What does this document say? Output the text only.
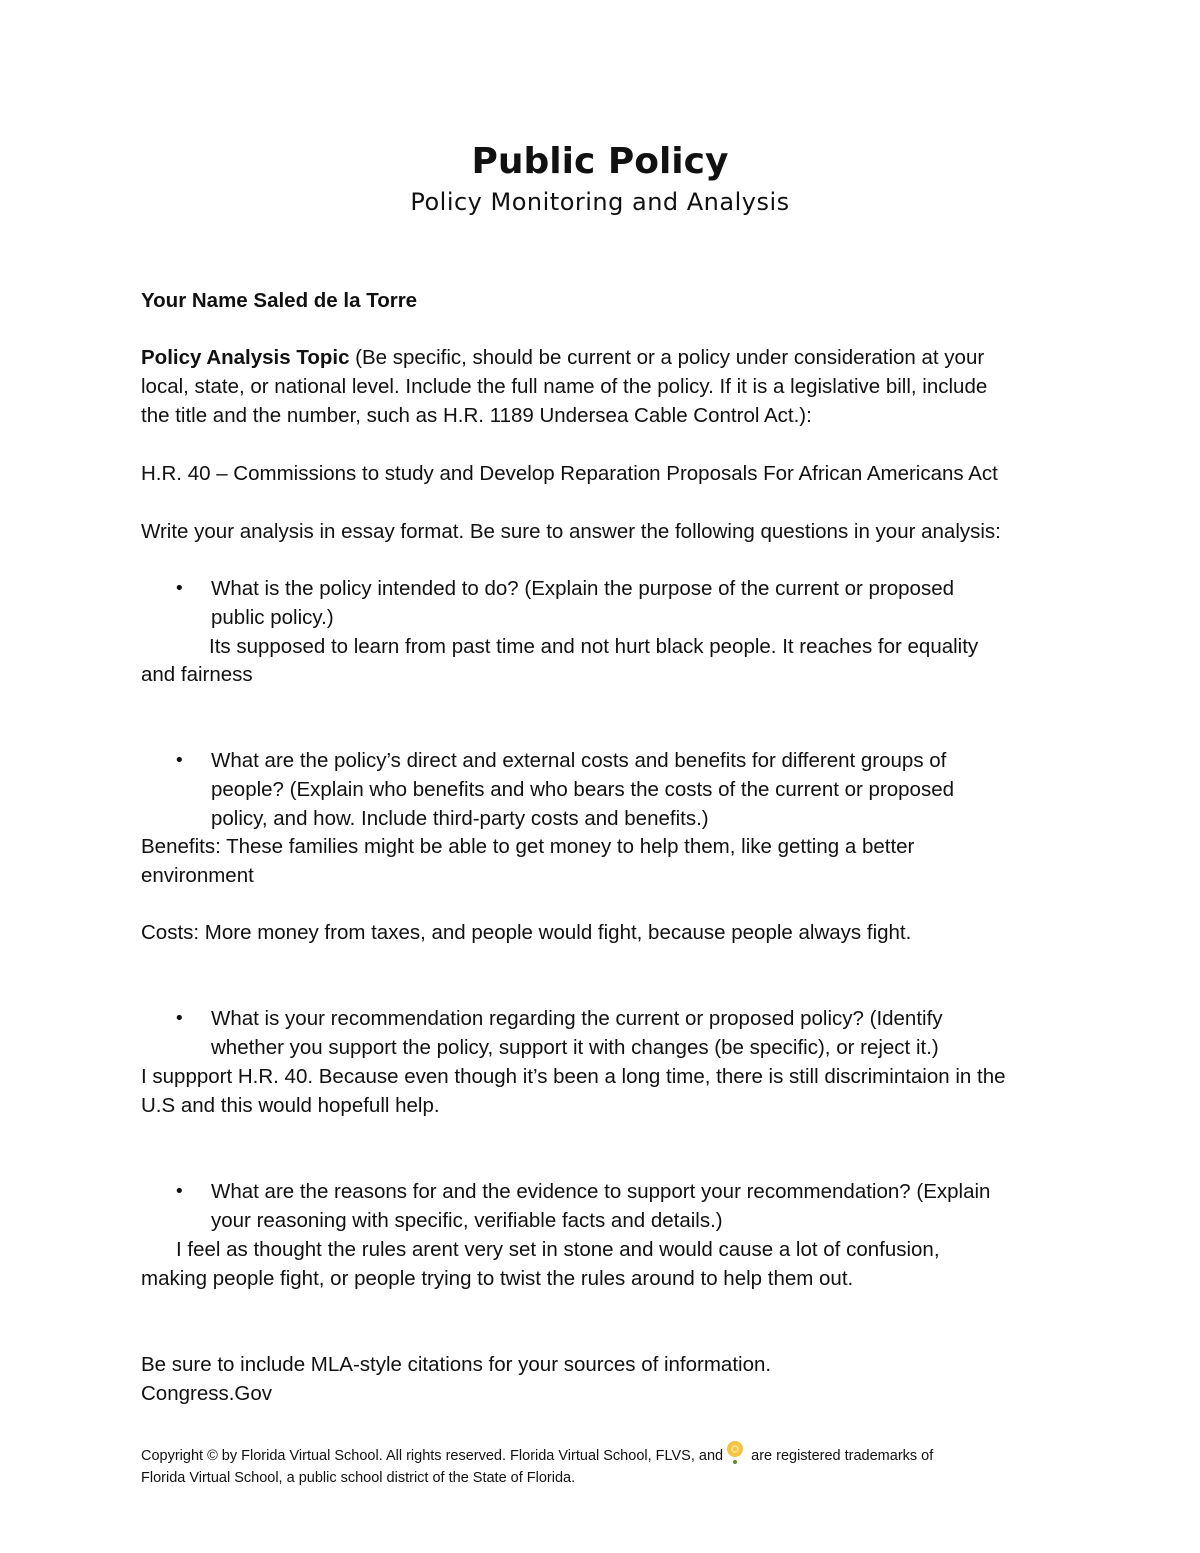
Public Policy
Policy Monitoring and Analysis
Your Name Saled de la Torre
Policy Analysis Topic (Be specific, should be current or a policy under consideration at your
local, state, or national level. Include the full name of the policy. If it is a legislative bill, include
the title and the number, such as H.R. 1189 Undersea Cable Control Act.):
H.R. 40 – Commissions to study and Develop Reparation Proposals For African Americans Act
Write your analysis in essay format. Be sure to answer the following questions in your analysis:
• What is the policy intended to do? (Explain the purpose of the current or proposed
public policy.)
Its supposed to learn from past time and not hurt black people. It reaches for equality
and fairness
• What are the policy’s direct and external costs and benefits for different groups of
people? (Explain who benefits and who bears the costs of the current or proposed
policy, and how. Include third-party costs and benefits.)
Benefits: These families might be able to get money to help them, like getting a better
environment
Costs: More money from taxes, and people would fight, because people always fight.
• What is your recommendation regarding the current or proposed policy? (Identify
whether you support the policy, support it with changes (be specific), or reject it.)
I suppport H.R. 40. Because even though it’s been a long time, there is still discrimintaion in the
U.S and this would hopefull help.
• What are the reasons for and the evidence to support your recommendation? (Explain
your reasoning with specific, verifiable facts and details.)
I feel as thought the rules arent very set in stone and would cause a lot of confusion,
making people fight, or people trying to twist the rules around to help them out.
Be sure to include MLA-style citations for your sources of information.
Congress.Gov
Copyright © by Florida Virtual School. All rights reserved. Florida Virtual School, FLVS, and are registered trademarks of
Florida Virtual School, a public school district of the State of Florida.
